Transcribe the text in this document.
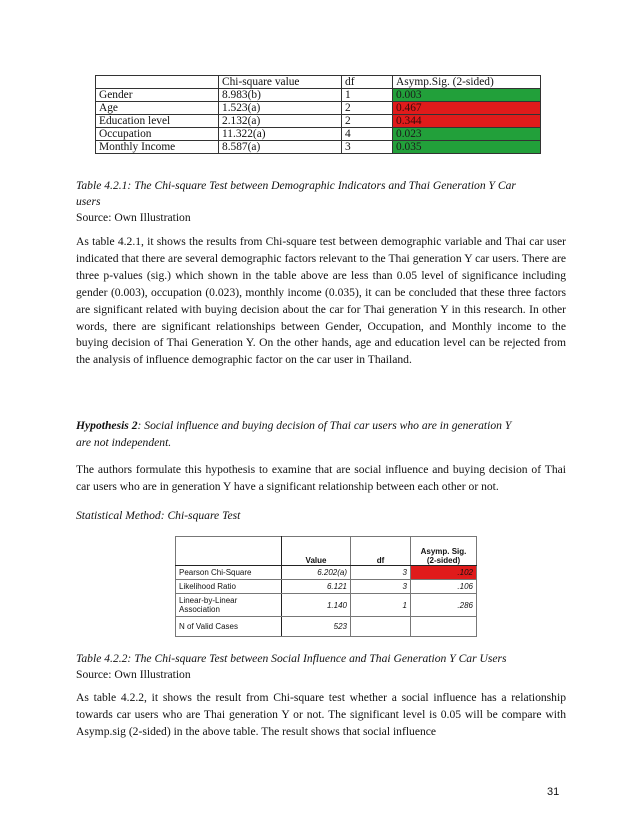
	Chi-square value	df	Asymp.Sig. (2-sided)
Gender	8.983(b)	1	0.003
Age	1.523(a)	2	0.467
Education level	2.132(a)	2	0.344
Occupation	11.322(a)	4	0.023
Monthly Income	8.587(a)	3	0.035
Table 4.2.1: The Chi-square Test between Demographic Indicators and Thai Generation Y Car
users
Source: Own Illustration
As table 4.2.1, it shows the results from Chi-square test between demographic variable and Thai car user indicated that there are several demographic factors relevant to the Thai generation Y car users. There are three p-values (sig.) which shown in the table above are less than 0.05 level of significance including gender (0.003), occupation (0.023), monthly income (0.035), it can be concluded that these three factors are significant related with buying decision about the car for Thai generation Y in this research. In other words, there are significant relationships between Gender, Occupation, and Monthly income to the buying decision of Thai Generation Y. On the other hands, age and education level can be rejected from the analysis of influence demographic factor on the car user in Thailand.
Hypothesis 2: Social influence and buying decision of Thai car users who are in generation Y
are not independent.
The authors formulate this hypothesis to examine that are social influence and buying decision of Thai car users who are in generation Y have a significant relationship between each other or not.
Statistical Method: Chi-square Test
	Value	df	Asymp. Sig.
(2-sided)
Pearson Chi-Square	6.202(a)	3	.102
Likelihood Ratio	6.121	3	.106
Linear-by-Linear
Association	1.140	1	.286
N of Valid Cases	523		
Table 4.2.2: The Chi-square Test between Social Influence and Thai Generation Y Car Users
Source: Own Illustration
As table 4.2.2, it shows the result from Chi-square test whether a social influence has a relationship towards car users who are Thai generation Y or not. The significant level is 0.05 will be compare with Asymp.sig (2-sided) in the above table. The result shows that social influence
31
